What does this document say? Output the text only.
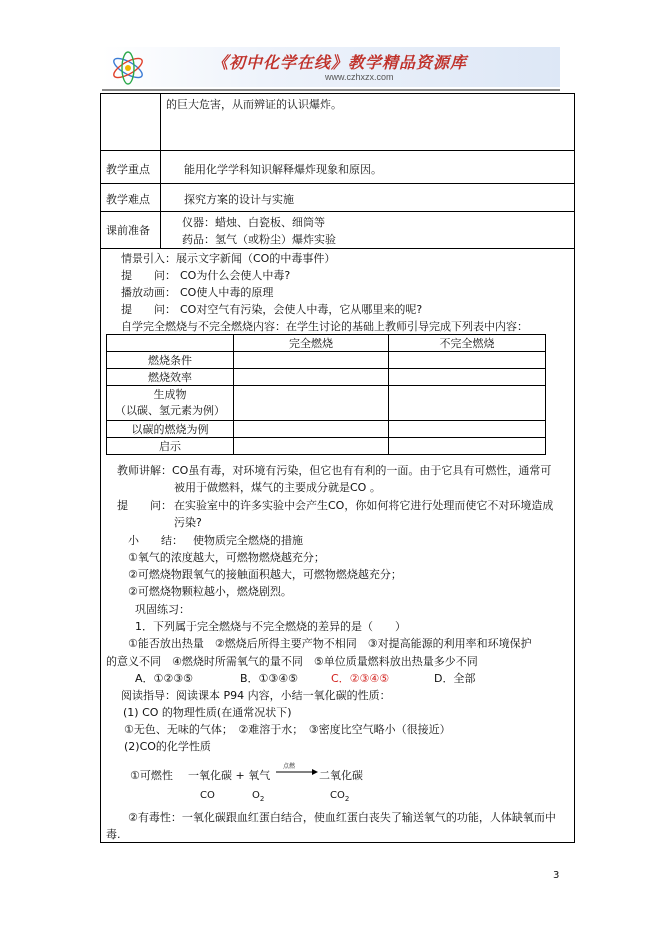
《初中化学在线》教学精品资源库
www.czhxzx.com
的巨大危害，从而辨证的认识爆炸。
教学重点	能用化学学科知识解释爆炸现象和原因。
教学难点	探究方案的设计与实施
课前准备
仪器：蜡烛、白瓷板、细筒等
药品：氢气（或粉尘）爆炸实验
情景引入：展示文字新闻（CO的中毒事件）
提　　问： CO为什么会使人中毒?
播放动画： CO使人中毒的原理
提　　问： CO对空气有污染，会使人中毒，它从哪里来的呢?
自学完全燃烧与不完全燃烧内容：在学生讨论的基础上教师引导完成下列表中内容：
	完全燃烧	不完全燃烧
燃烧条件		
燃烧效率		

生成物
（以碳、氢元素为例）		

以碳的燃烧为例		
启示		
教师讲解： CO虽有毒，对环境有污染，但它也有有利的一面。由于它具有可燃性，通常可
被用于做燃料，煤气的主要成分就是CO 。
提　　问： 在实验室中的许多实验中会产生CO，你如何将它进行处理而使它不对环境造成
污染?
小　　结： 使物质完全燃烧的措施
①氧气的浓度越大，可燃物燃烧越充分；
②可燃烧物跟氧气的接触面积越大，可燃物燃烧越充分；
②可燃烧物颗粒越小，燃烧剧烈。
巩固练习：
1．下列属于完全燃烧与不完全燃烧的差异的是（　　）
①能否放出热量　②燃烧后所得主要产物不相同　③对提高能源的利用率和环境保护
的意义不同　④燃烧时所需氧气的量不同　⑤单位质量燃料放出热量多少不同
A．①②③⑤	B．①③④⑤	C．②③④⑤	D．全部
阅读指导：阅读课本 P94 内容，小结一氧化碳的性质：
(1) CO 的物理性质(在通常况状下)
①无色、无味的气体；　②难溶于水；　③密度比空气略小（很接近）
(2)CO的化学性质
①可燃性 一氧化碳 + 氧气
点燃
→ 二氧化碳
CO	$O_2$	$CO_2$
②有毒性：一氧化碳跟血红蛋白结合，使血红蛋白丧失了输送氧气的功能，人体缺氧而中
毒.
3
